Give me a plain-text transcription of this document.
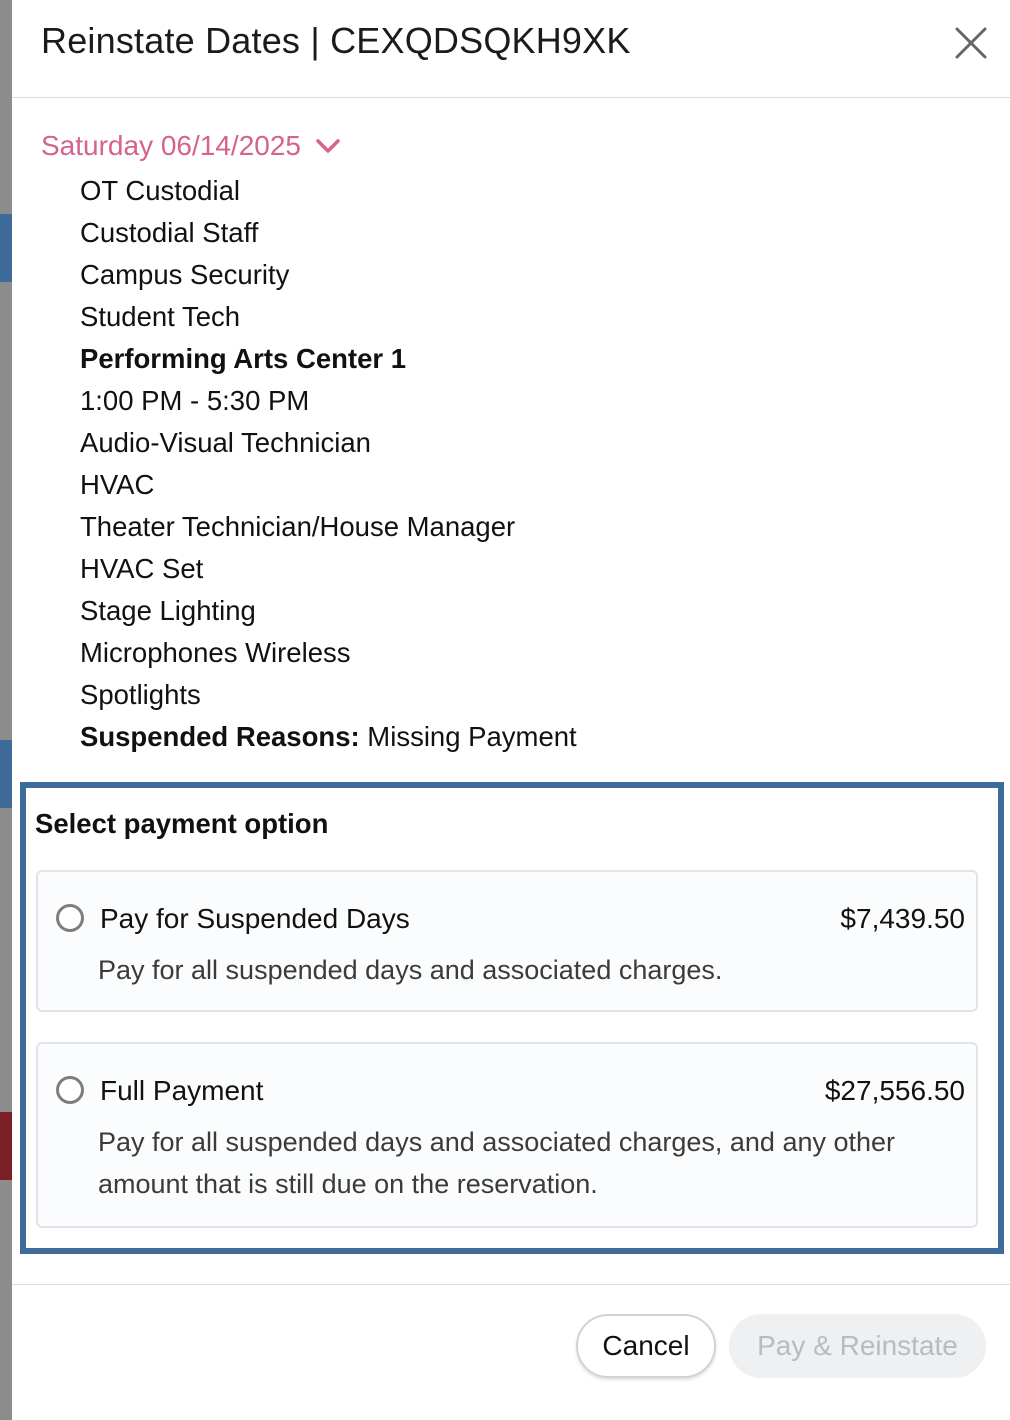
Reinstate Dates | CEXQDSQKH9XK
Saturday 06/14/2025
OT Custodial
Custodial Staff
Campus Security
Student Tech
Performing Arts Center 1
1:00 PM - 5:30 PM
Audio-Visual Technician
HVAC
Theater Technician/House Manager
HVAC Set
Stage Lighting
Microphones Wireless
Spotlights
Suspended Reasons: Missing Payment
Select payment option
Pay for Suspended Days	$7,439.50
Pay for all suspended days and associated charges.
Full Payment	$27,556.50
Pay for all suspended days and associated charges, and any other amount that is still due on the reservation.
Cancel	Pay & Reinstate
